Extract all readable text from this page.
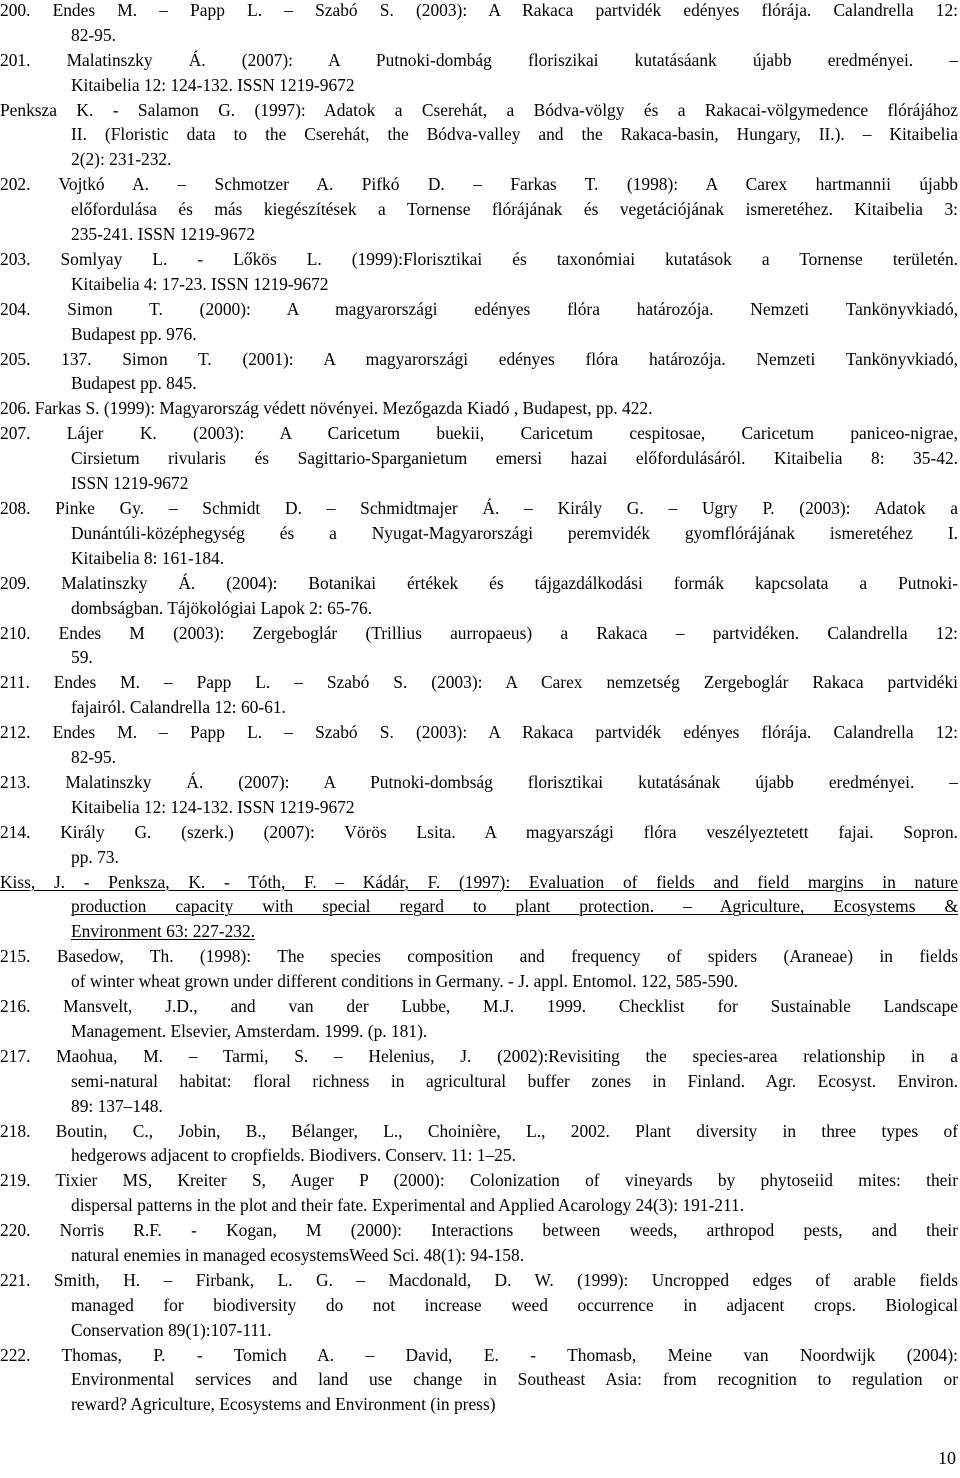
200. Endes M. – Papp L. – Szabó S. (2003): A Rakaca partvidék edényes flórája. Calandrella 12:
82-95.
201. Malatinszky Á. (2007): A Putnoki-dombág floriszikai kutatásáank újabb eredményei. –
Kitaibelia 12: 124-132. ISSN 1219-9672
Penksza K. - Salamon G. (1997): Adatok a Cserehát, a Bódva-völgy és a Rakacai-völgymedence flórájához
II. (Floristic data to the Cserehát, the Bódva-valley and the Rakaca-basin, Hungary, II.). – Kitaibelia
2(2): 231-232.
202. Vojtkó A. – Schmotzer A. Pifkó D. – Farkas T. (1998): A Carex hartmannii újabb
előfordulása és más kiegészítések a Tornense flórájának és vegetációjának ismeretéhez. Kitaibelia 3:
235-241. ISSN 1219-9672
203. Somlyay L. - Lőkös L. (1999):Florisztikai és taxonómiai kutatások a Tornense területén.
Kitaibelia 4: 17-23. ISSN 1219-9672
204. Simon T. (2000): A magyarországi edényes flóra határozója. Nemzeti Tankönyvkiadó,
Budapest pp. 976.
205. 137. Simon T. (2001): A magyarországi edényes flóra határozója. Nemzeti Tankönyvkiadó,
Budapest pp. 845.
206. Farkas S. (1999): Magyarország védett növényei. Mezőgazda Kiadó , Budapest, pp. 422.
207. Lájer K. (2003): A Caricetum buekii, Caricetum cespitosae, Caricetum paniceo-nigrae,
Cirsietum rivularis és Sagittario-Sparganietum emersi hazai előfordulásáról. Kitaibelia 8: 35-42.
ISSN 1219-9672
208. Pinke Gy. – Schmidt D. – Schmidtmajer Á. – Király G. – Ugry P. (2003): Adatok a
Dunántúli-középhegység és a Nyugat-Magyarországi peremvidék gyomflórájának ismeretéhez I.
Kitaibelia 8: 161-184.
209. Malatinszky Á. (2004): Botanikai értékek és tájgazdálkodási formák kapcsolata a Putnoki-
dombságban. Tájökológiai Lapok 2: 65-76.
210. Endes M (2003): Zergeboglár (Trillius aurropaeus) a Rakaca – partvidéken. Calandrella 12:
59.
211. Endes M. – Papp L. – Szabó S. (2003): A Carex nemzetség Zergeboglár Rakaca partvidéki
fajairól. Calandrella 12: 60-61.
212. Endes M. – Papp L. – Szabó S. (2003): A Rakaca partvidék edényes flórája. Calandrella 12:
82-95.
213. Malatinszky Á. (2007): A Putnoki-dombság florisztikai kutatásának újabb eredményei. –
Kitaibelia 12: 124-132. ISSN 1219-9672
214. Király G. (szerk.) (2007): Vörös Lsita. A magyarszági flóra veszélyeztetett fajai. Sopron.
pp. 73.
Kiss, J. - Penksza, K. - Tóth, F. – Kádár, F. (1997): Evaluation of fields and field margins in nature
production capacity with special regard to plant protection. – Agriculture, Ecosystems &
Environment 63: 227-232.
215. Basedow, Th. (1998): The species composition and frequency of spiders (Araneae) in fields
of winter wheat grown under different conditions in Germany. - J. appl. Entomol. 122, 585-590.
216. Mansvelt, J.D., and van der Lubbe, M.J. 1999. Checklist for Sustainable Landscape
Management. Elsevier, Amsterdam. 1999. (p. 181).
217. Maohua, M. – Tarmi, S. – Helenius, J. (2002):Revisiting the species-area relationship in a
semi-natural habitat: floral richness in agricultural buffer zones in Finland. Agr. Ecosyst. Environ.
89: 137–148.
218. Boutin, C., Jobin, B., Bélanger, L., Choinière, L., 2002. Plant diversity in three types of
hedgerows adjacent to cropfields. Biodivers. Conserv. 11: 1–25.
219. Tixier MS, Kreiter S, Auger P (2000): Colonization of vineyards by phytoseiid mites: their
dispersal patterns in the plot and their fate. Experimental and Applied Acarology 24(3): 191-211.
220. Norris R.F. - Kogan, M (2000): Interactions between weeds, arthropod pests, and their
natural enemies in managed ecosystemsWeed Sci. 48(1): 94-158.
221. Smith, H. – Firbank, L. G. – Macdonald, D. W. (1999): Uncropped edges of arable fields
managed for biodiversity do not increase weed occurrence in adjacent crops. Biological
Conservation 89(1):107-111.
222. Thomas, P. - Tomich A. – David, E. - Thomasb, Meine van Noordwijk (2004):
Environmental services and land use change in Southeast Asia: from recognition to regulation or
reward? Agriculture, Ecosystems and Environment (in press)
10
